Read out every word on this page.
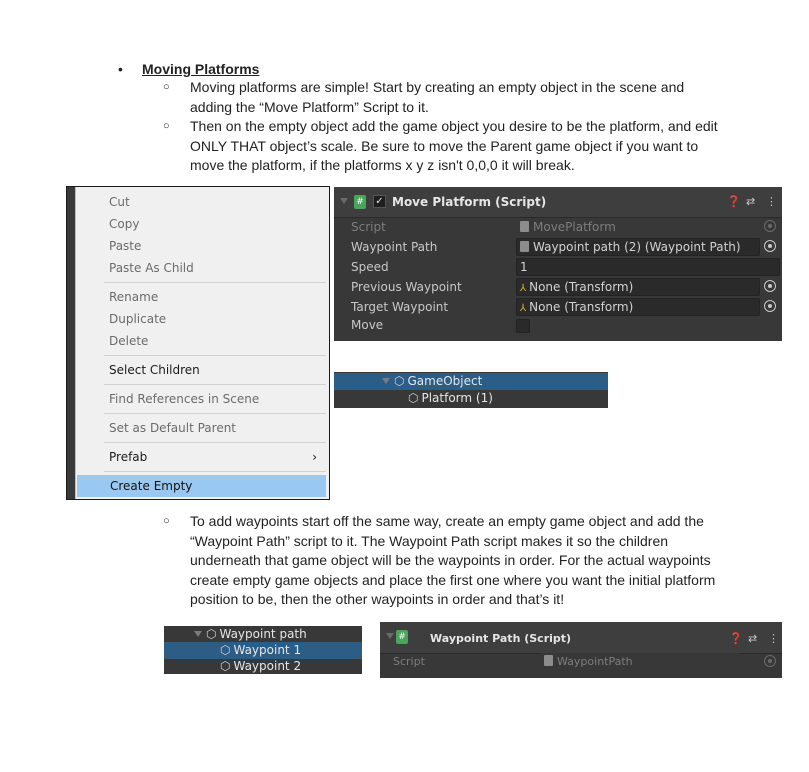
• Moving Platforms
○ Moving platforms are simple! Start by creating an empty object in the scene and adding the “Move Platform” Script to it.
○ Then on the empty object add the game object you desire to be the platform, and edit ONLY THAT object’s scale. Be sure to move the Parent game object if you want to move the platform, if the platforms x y z isn't 0,0,0 it will break.
Cut
Copy
Paste
Paste As Child
Rename
Duplicate
Delete
Select Children
Find References in Scene
Set as Default Parent
Prefab	›
Create Empty
# ✓ Move Platform (Script)	❓ ⇄ ⋮
Script	MovePlatform
Waypoint Path	Waypoint path (2) (Waypoint Path)
Speed	1
Previous Waypoint	⅄ None (Transform)
Target Waypoint	⅄ None (Transform)
Move
⬡ GameObject
⬡ Platform (1)
○ To add waypoints start off the same way, create an empty game object and add the “Waypoint Path” script to it. The Waypoint Path script makes it so the children underneath that game object will be the waypoints in order. For the actual waypoints create empty game objects and place the first one where you want the initial platform position to be, then the other waypoints in order and that’s it!
⬡ Waypoint path
⬡ Waypoint 1
⬡ Waypoint 2
# Waypoint Path (Script)	❓ ⇄ ⋮
Script	WaypointPath
